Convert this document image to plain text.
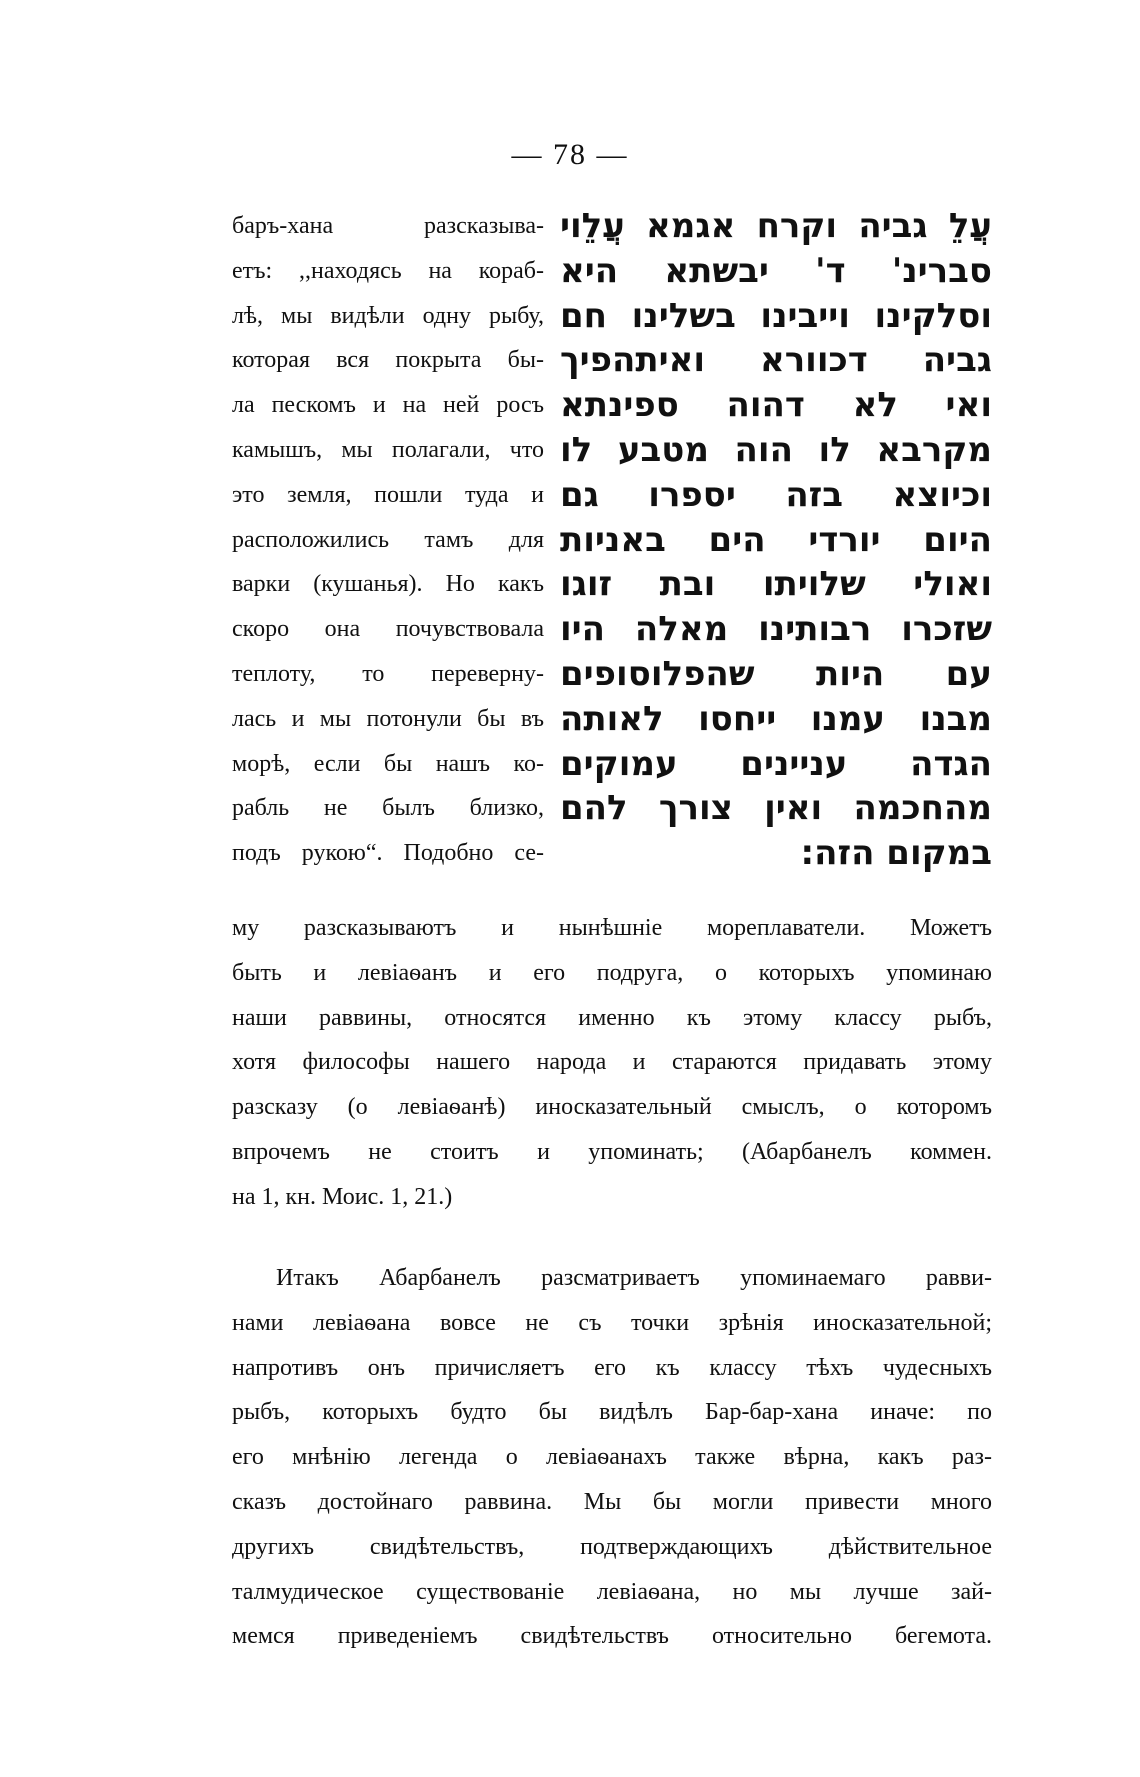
— 78 —
баръ-хана разсказыва-
етъ: ,,находясь на кораб-
лѣ, мы видѣли одну рыбу,
которая вся покрыта бы-
ла пескомъ и на ней росъ
камышъ, мы полагали, что
это земля, пошли туда и
расположились тамъ для
варки (кушанья). Но какъ
скоро она почувствовала
теплоту, то переверну-
лась и мы потонули бы въ
морѣ, если бы нашъ ко-
рабль не былъ близко,
подъ рукою“. Подобно се-
עֲלֵ גביה וקרח אגמא עֲלֵוי
סברינ' ד' יבשתא היא
וסלקינו וייבינו בשלינו חם
גביה דכוורא ואיתהפיך
ואי לא דהוה ספינתא
מקרבא לו הוה מטבע לו
וכיוצא בזה יספרו גם
היום יורדי הים באניות
ואולי שלויתו ובת זוגו
שזכרו רבותינו מאלה היו
עם היות שהפלוסופים
מבנו עמנו ייחסו לאותה
הגדה עניינים עמוקים
מהחכמה ואין צורך להם
במקום הזה:
му разсказываютъ и нынѣшніе мореплаватели. Можетъ
быть и левіаѳанъ и его подруга, о которыхъ упоминаю
наши раввины, относятся именно къ этому классу рыбъ,
хотя философы нашего народа и стараются придавать этому
разсказу (о левіаѳанѣ) иносказательный смыслъ, о которомъ
впрочемъ не стоитъ и упоминать; (Абарбанелъ коммен.
на 1, кн. Моис. 1, 21.)
Итакъ Абарбанелъ разсматриваетъ упоминаемаго равви-
нами левіаѳана вовсе не съ точки зрѣнія иносказательной;
напротивъ онъ причисляетъ его къ классу тѣхъ чудесныхъ
рыбъ, которыхъ будто бы видѣлъ Бар-бар-хана иначе: по
его мнѣнію легенда о левіаѳанахъ также вѣрна, какъ раз-
сказъ достойнаго раввина. Мы бы могли привести много
другихъ свидѣтельствъ, подтверждающихъ дѣйствительное
талмудическое существованіе левіаѳана, но мы лучше зай-
мемся приведеніемъ свидѣтельствъ относительно бегемота.
